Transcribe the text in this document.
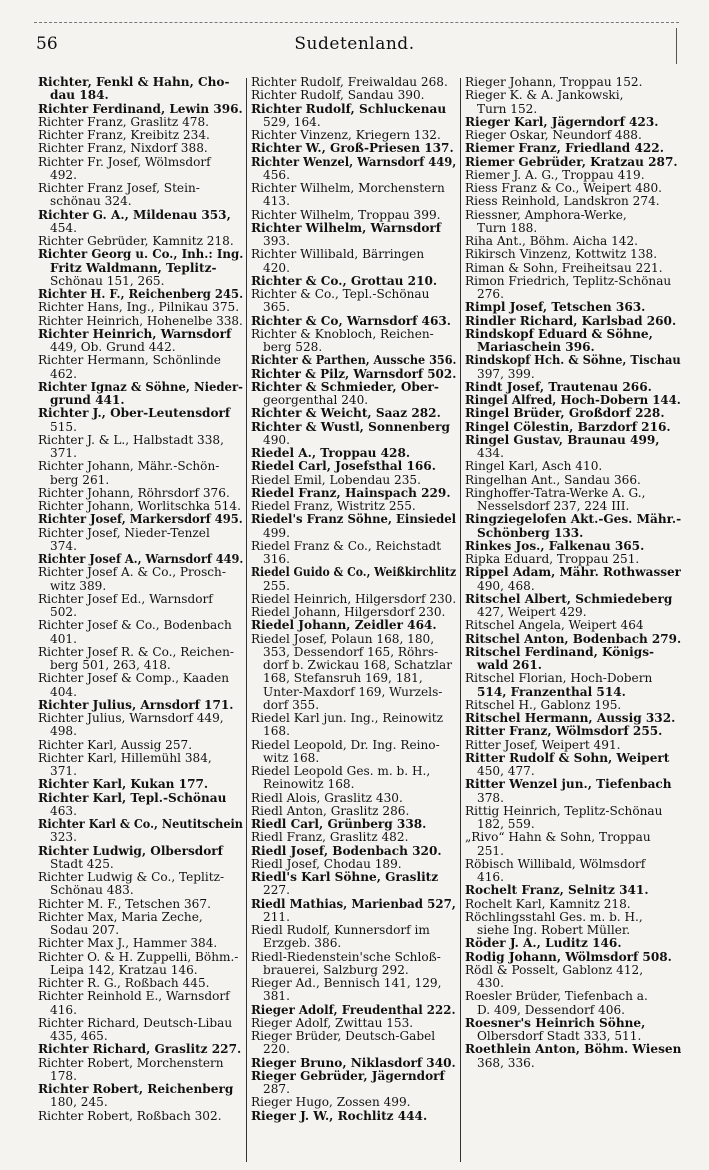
56	Sudetenland.

Richter, Fenkl & Hahn, Cho-

dau 184.

Richter Ferdinand, Lewin 396.

Richter Franz, Graslitz 478.

Richter Franz, Kreibitz 234.

Richter Franz, Nixdorf 388.

Richter Fr. Josef, Wölmsdorf

492.

Richter Franz Josef, Stein-

schönau 324.

Richter G. A., Mildenau 353,

454.

Richter Gebrüder, Kamnitz 218.

Richter Georg u. Co., Inh.: Ing.

Fritz Waldmann, Teplitz-

Schönau 151, 265.

Richter H. F., Reichenberg 245.

Richter Hans, Ing., Pilnikau 375.

Richter Heinrich, Hohenelbe 338.

Richter Heinrich, Warnsdorf

449, Ob. Grund 442.

Richter Hermann, Schönlinde

462.

Richter Ignaz & Söhne, Nieder-

grund 441.

Richter J., Ober-Leutensdorf

515.

Richter J. & L., Halbstadt 338,

371.

Richter Johann, Mähr.-Schön-

berg 261.

Richter Johann, Röhrsdorf 376.

Richter Johann, Worlitschka 514.

Richter Josef, Markersdorf 495.

Richter Josef, Nieder-Tenzel

374.

Richter Josef A., Warnsdorf 449.

Richter Josef A. & Co., Prosch-

witz 389.

Richter Josef Ed., Warnsdorf

502.

Richter Josef & Co., Bodenbach

401.

Richter Josef R. & Co., Reichen-

berg 501, 263, 418.

Richter Josef & Comp., Kaaden

404.

Richter Julius, Arnsdorf 171.

Richter Julius, Warnsdorf 449,

498.

Richter Karl, Aussig 257.

Richter Karl, Hillemühl 384,

371.

Richter Karl, Kukan 177.

Richter Karl, Tepl.-Schönau

463.

Richter Karl & Co., Neutitschein

323.

Richter Ludwig, Olbersdorf

Stadt 425.

Richter Ludwig & Co., Teplitz-

Schönau 483.

Richter M. F., Tetschen 367.

Richter Max, Maria Zeche,

Sodau 207.

Richter Max J., Hammer 384.

Richter O. & H. Zuppelli, Böhm.-

Leipa 142, Kratzau 146.

Richter R. G., Roßbach 445.

Richter Reinhold E., Warnsdorf

416.

Richter Richard, Deutsch-Libau

435, 465.

Richter Richard, Graslitz 227.

Richter Robert, Morchenstern

178.

Richter Robert, Reichenberg

180, 245.

Richter Robert, Roßbach 302.

Richter Rudolf, Freiwaldau 268.

Richter Rudolf, Sandau 390.

Richter Rudolf, Schluckenau

529, 164.

Richter Vinzenz, Kriegern 132.

Richter W., Groß-Priesen 137.

Richter Wenzel, Warnsdorf 449,

456.

Richter Wilhelm, Morchenstern

413.

Richter Wilhelm, Troppau 399.

Richter Wilhelm, Warnsdorf

393.

Richter Willibald, Bärringen

420.

Richter & Co., Grottau 210.

Richter & Co., Tepl.-Schönau

365.

Richter & Co, Warnsdorf 463.

Richter & Knobloch, Reichen-

berg 528.

Richter & Parthen, Aussche 356.

Richter & Pilz, Warnsdorf 502.

Richter & Schmieder, Ober-

georgenthal 240.

Richter & Weicht, Saaz 282.

Richter & Wustl, Sonnenberg

490.

Riedel A., Troppau 428.

Riedel Carl, Josefsthal 166.

Riedel Emil, Lobendau 235.

Riedel Franz, Hainspach 229.

Riedel Franz, Wistritz 255.

Riedel's Franz Söhne, Einsiedel

499.

Riedel Franz & Co., Reichstadt

316.

Riedel Guido & Co., Weißkirchlitz

255.

Riedel Heinrich, Hilgersdorf 230.

Riedel Johann, Hilgersdorf 230.

Riedel Johann, Zeidler 464.

Riedel Josef, Polaun 168, 180,

353, Dessendorf 165, Röhrs-

dorf b. Zwickau 168, Schatzlar

168, Stefansruh 169, 181,

Unter-Maxdorf 169, Wurzels-

dorf 355.

Riedel Karl jun. Ing., Reinowitz

168.

Riedel Leopold, Dr. Ing. Reino-

witz 168.

Riedel Leopold Ges. m. b. H.,

Reinowitz 168.

Riedl Alois, Graslitz 430.

Riedl Anton, Graslitz 286.

Riedl Carl, Grünberg 338.

Riedl Franz, Graslitz 482.

Riedl Josef, Bodenbach 320.

Riedl Josef, Chodau 189.

Riedl's Karl Söhne, Graslitz

227.

Riedl Mathias, Marienbad 527,

211.

Riedl Rudolf, Kunnersdorf im

Erzgeb. 386.

Riedl-Riedenstein'sche Schloß-

brauerei, Salzburg 292.

Rieger Ad., Bennisch 141, 129,

381.

Rieger Adolf, Freudenthal 222.

Rieger Adolf, Zwittau 153.

Rieger Brüder, Deutsch-Gabel

220.

Rieger Bruno, Niklasdorf 340.

Rieger Gebrüder, Jägerndorf

287.

Rieger Hugo, Zossen 499.

Rieger J. W., Rochlitz 444.

Rieger Johann, Troppau 152.

Rieger K. & A. Jankowski,

Turn 152.

Rieger Karl, Jägerndorf 423.

Rieger Oskar, Neundorf 488.

Riemer Franz, Friedland 422.

Riemer Gebrüder, Kratzau 287.

Riemer J. A. G., Troppau 419.

Riess Franz & Co., Weipert 480.

Riess Reinhold, Landskron 274.

Riessner, Amphora-Werke,

Turn 188.

Riha Ant., Böhm. Aicha 142.

Rikirsch Vinzenz, Kottwitz 138.

Riman & Sohn, Freiheitsau 221.

Rimon Friedrich, Teplitz-Schönau

276.

Rimpl Josef, Tetschen 363.

Rindler Richard, Karlsbad 260.

Rindskopf Eduard & Söhne,

Mariaschein 396.

Rindskopf Hch. & Söhne, Tischau

397, 399.

Rindt Josef, Trautenau 266.

Ringel Alfred, Hoch-Dobern 144.

Ringel Brüder, Großdorf 228.

Ringel Cölestin, Barzdorf 216.

Ringel Gustav, Braunau 499,

434.

Ringel Karl, Asch 410.

Ringelhan Ant., Sandau 366.

Ringhoffer-Tatra-Werke A. G.,

Nesselsdorf 237, 224 III.

Ringziegelofen Akt.-Ges. Mähr.-

Schönberg 133.

Rinkes Jos., Falkenau 365.

Ripka Eduard, Troppau 251.

Rippel Adam, Mähr. Rothwasser

490, 468.

Ritschel Albert, Schmiedeberg

427, Weipert 429.

Ritschel Angela, Weipert 464

Ritschel Anton, Bodenbach 279.

Ritschel Ferdinand, Königs-

wald 261.

Ritschel Florian, Hoch-Dobern

514, Franzenthal 514.

Ritschel H., Gablonz 195.

Ritschel Hermann, Aussig 332.

Ritter Franz, Wölmsdorf 255.

Ritter Josef, Weipert 491.

Ritter Rudolf & Sohn, Weipert

450, 477.

Ritter Wenzel jun., Tiefenbach

378.

Rittig Heinrich, Teplitz-Schönau

182, 559.

„Rivo“ Hahn & Sohn, Troppau

251.

Röbisch Willibald, Wölmsdorf

416.

Rochelt Franz, Selnitz 341.

Rochelt Karl, Kamnitz 218.

Röchlingsstahl Ges. m. b. H.,

siehe Ing. Robert Müller.

Röder J. A., Luditz 146.

Rodig Johann, Wölmsdorf 508.

Rödl & Posselt, Gablonz 412,

430.

Roesler Brüder, Tiefenbach a.

D. 409, Dessendorf 406.

Roesner's Heinrich Söhne,

Olbersdorf Stadt 333, 511.

Roethlein Anton, Böhm. Wiesen

368, 336.
